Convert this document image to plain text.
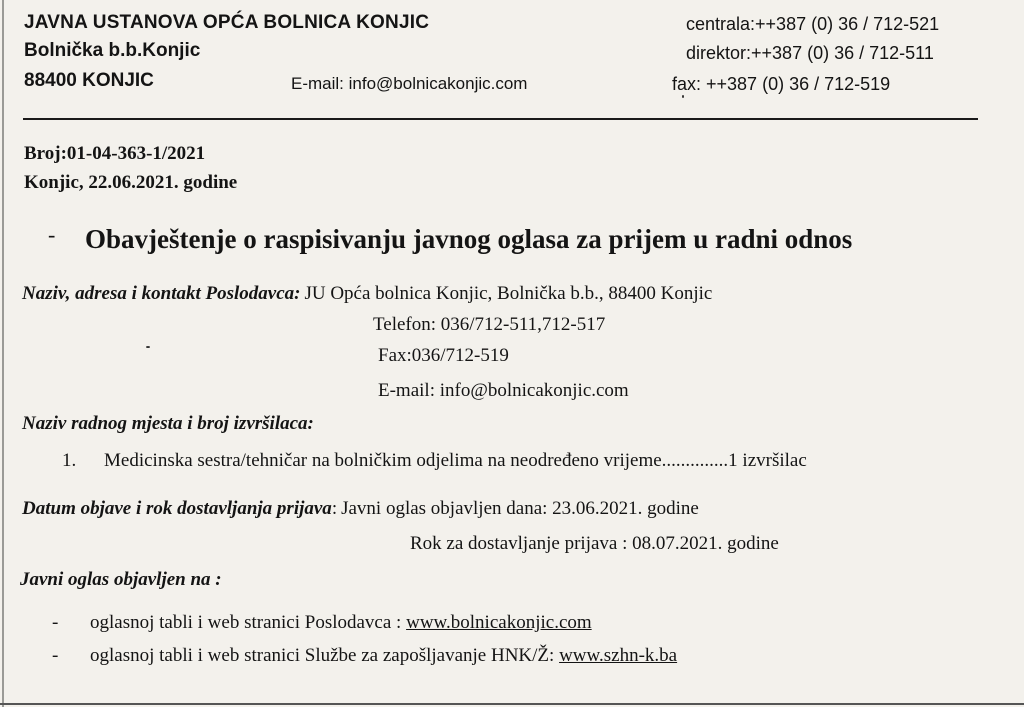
JAVNA USTANOVA OPĆA BOLNICA KONJIC
Bolnička b.b.Konjic
88400 KONJIC	E-mail: info@bolnicakonjic.com
centrala:++387 (0) 36 / 712-521
direktor:++387 (0) 36 / 712-511
fax: ++387 (0) 36 / 712-519
Broj:01-04-363-1/2021
Konjic, 22.06.2021. godine
- Obavještenje o raspisivanju javnog oglasa za prijem u radni odnos
Naziv, adresa i kontakt Poslodavca: JU Opća bolnica Konjic, Bolnička b.b., 88400 Konjic
Telefon: 036/712-511,712-517
Fax:036/712-519
E-mail: info@bolnicakonjic.com
Naziv radnog mjesta i broj izvršilaca:
1. Medicinska sestra/tehničar na bolničkim odjelima na neodređeno vrijeme..............1 izvršilac
Datum objave i rok dostavljanja prijava: Javni oglas objavljen dana: 23.06.2021. godine
Rok za dostavljanje prijava : 08.07.2021. godine
Javni oglas objavljen na :
- oglasnoj tabli i web stranici Poslodavca : www.bolnicakonjic.com
- oglasnoj tabli i web stranici Službe za zapošljavanje HNK/Ž: www.szhn-k.ba
